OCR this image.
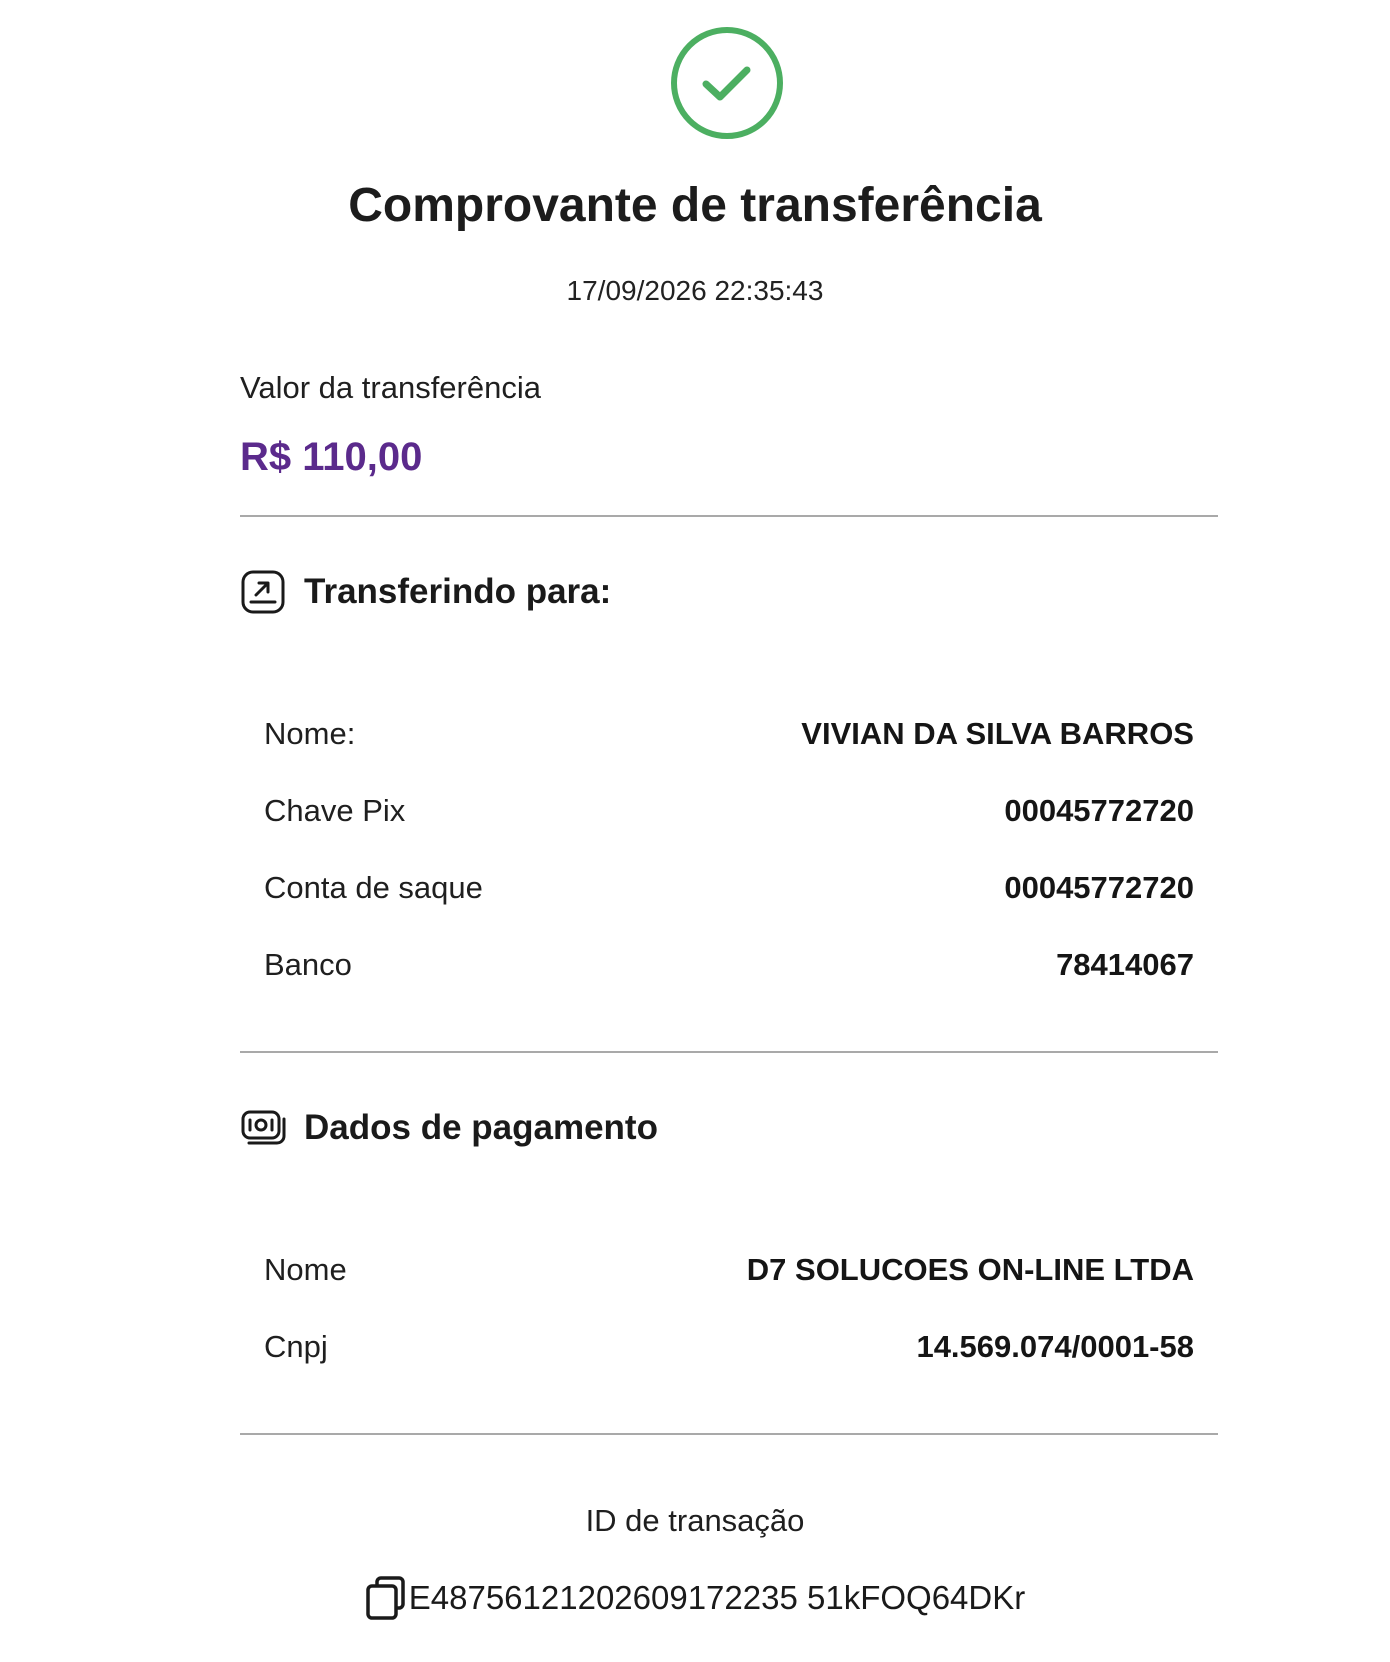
Comprovante de transferência
17/09/2026 22:35:43
Valor da transferência
R$ 110,00
Transferindo para:
Nome:	VIVIAN DA SILVA BARROS
Chave Pix	00045772720
Conta de saque	00045772720
Banco	78414067
Dados de pagamento
Nome	D7 SOLUCOES ON-LINE LTDA
Cnpj	14.569.074/0001-58
ID de transação
E48756121202609172235 51kFOQ64DKr
